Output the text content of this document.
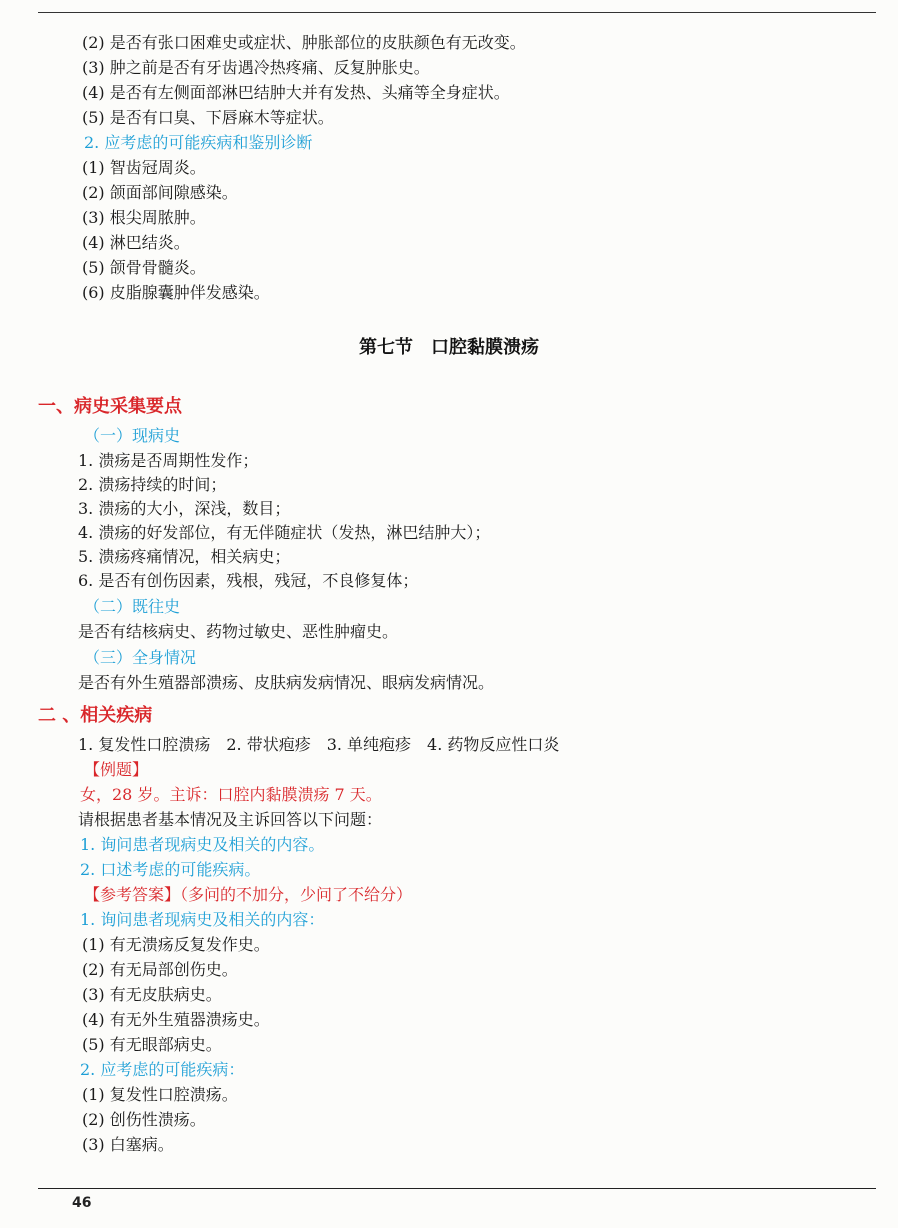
(2) 是否有张口困难史或症状、肿胀部位的皮肤颜色有无改变。
(3) 肿之前是否有牙齿遇冷热疼痛、反复肿胀史。
(4) 是否有左侧面部淋巴结肿大并有发热、头痛等全身症状。
(5) 是否有口臭、下唇麻木等症状。
2. 应考虑的可能疾病和鉴别诊断
(1) 智齿冠周炎。
(2) 颌面部间隙感染。
(3) 根尖周脓肿。
(4) 淋巴结炎。
(5) 颌骨骨髓炎。
(6) 皮脂腺囊肿伴发感染。
第七节　口腔黏膜溃疡
一、病史采集要点
（一）现病史
1. 溃疡是否周期性发作；
2. 溃疡持续的时间；
3. 溃疡的大小，深浅，数目；
4. 溃疡的好发部位，有无伴随症状（发热，淋巴结肿大）；
5. 溃疡疼痛情况，相关病史；
6. 是否有创伤因素，残根，残冠，不良修复体；
（二）既往史
是否有结核病史、药物过敏史、恶性肿瘤史。
（三）全身情况
是否有外生殖器部溃疡、皮肤病发病情况、眼病发病情况。
二 、相关疾病
1. 复发性口腔溃疡　2. 带状疱疹　3. 单纯疱疹　4. 药物反应性口炎
【例题】
女，28 岁。主诉：口腔内黏膜溃疡 7 天。
请根据患者基本情况及主诉回答以下问题：
1. 询问患者现病史及相关的内容。
2. 口述考虑的可能疾病。
【参考答案】（多问的不加分，少问了不给分）
1. 询问患者现病史及相关的内容：
(1) 有无溃疡反复发作史。
(2) 有无局部创伤史。
(3) 有无皮肤病史。
(4) 有无外生殖器溃疡史。
(5) 有无眼部病史。
2. 应考虑的可能疾病：
(1) 复发性口腔溃疡。
(2) 创伤性溃疡。
(3) 白塞病。
46
